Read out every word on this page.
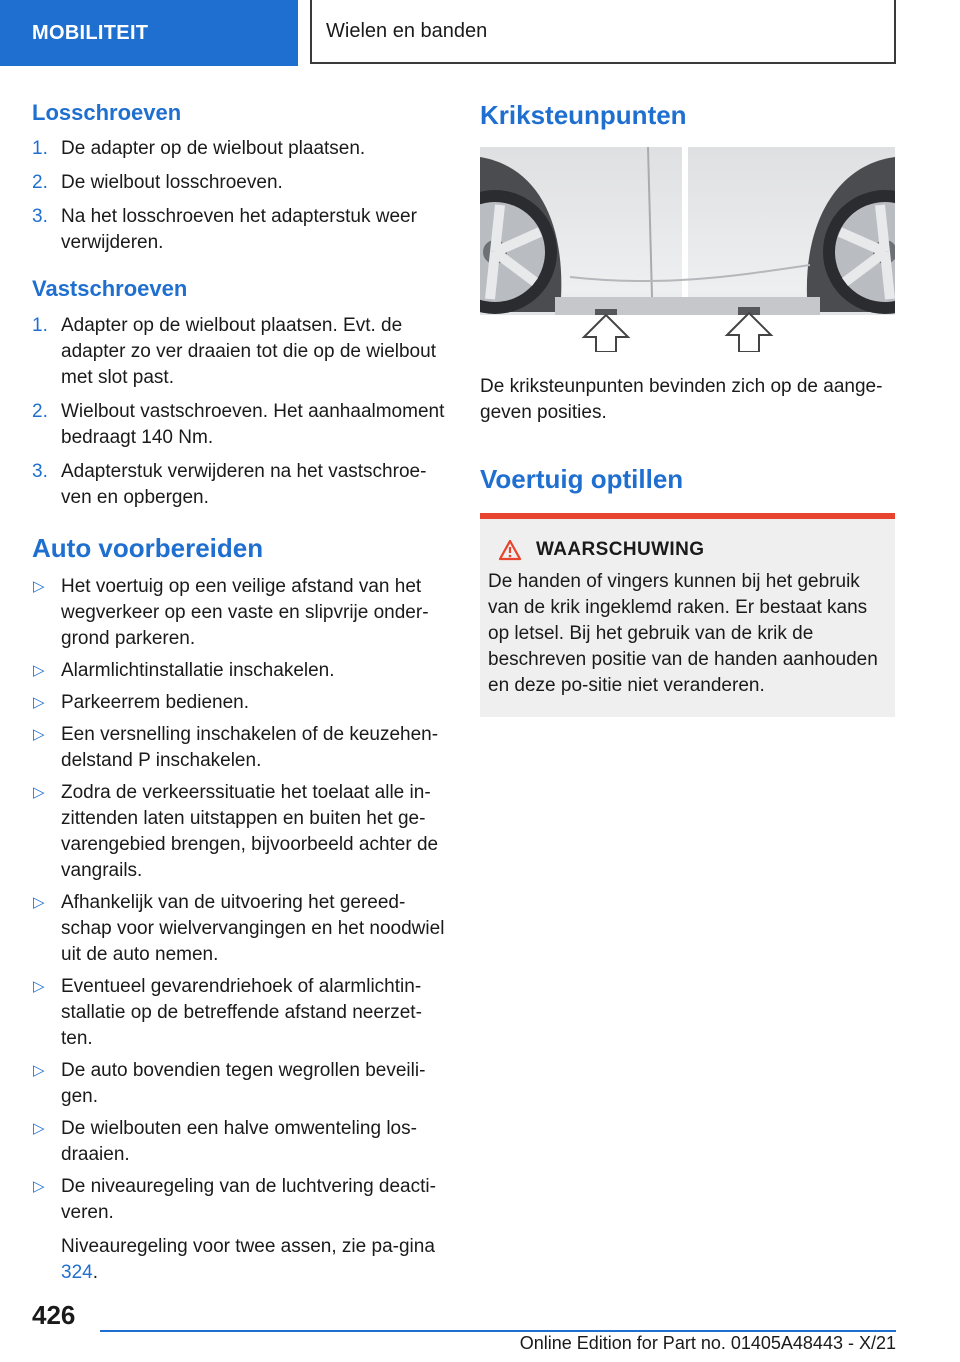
MOBILITEIT	Wielen en banden
Losschroeven
1. De adapter op de wielbout plaatsen.
2. De wielbout losschroeven.
3. Na het losschroeven het adapterstuk weer verwijderen.
Vastschroeven
1. Adapter op de wielbout plaatsen. Evt. de adapter zo ver draaien tot die op de wielbout met slot past.
2. Wielbout vastschroeven. Het aanhaalmoment bedraagt 140 Nm.
3. Adapterstuk verwijderen na het vastschroe-ven en opbergen.
Auto voorbereiden
▷ Het voertuig op een veilige afstand van het wegverkeer op een vaste en slipvrije onder-grond parkeren.
▷ Alarmlichtinstallatie inschakelen.
▷ Parkeerrem bedienen.
▷ Een versnelling inschakelen of de keuzehen-delstand P inschakelen.
▷ Zodra de verkeerssituatie het toelaat alle in-zittenden laten uitstappen en buiten het ge-varengebied brengen, bijvoorbeeld achter de vangrails.
▷ Afhankelijk van de uitvoering het gereed-schap voor wielvervangingen en het noodwiel uit de auto nemen.
▷ Eventueel gevarendriehoek of alarmlichtin-stallatie op de betreffende afstand neerzet-ten.
▷ De auto bovendien tegen wegrollen beveili-gen.
▷ De wielbouten een halve omwenteling los-draaien.
▷ De niveauregeling van de luchtvering deacti-veren.
Niveauregeling voor twee assen, zie pa-gina 324.
Kriksteunpunten

De kriksteunpunten bevinden zich op de aange-geven posities.

Voertuig optillen
WAARSCHUWING
De handen of vingers kunnen bij het gebruik van de krik ingeklemd raken. Er bestaat kans op letsel. Bij het gebruik van de krik de beschreven positie van de handen aanhouden en deze po-sitie niet veranderen.
426
Online Edition for Part no. 01405A48443 - X/21
